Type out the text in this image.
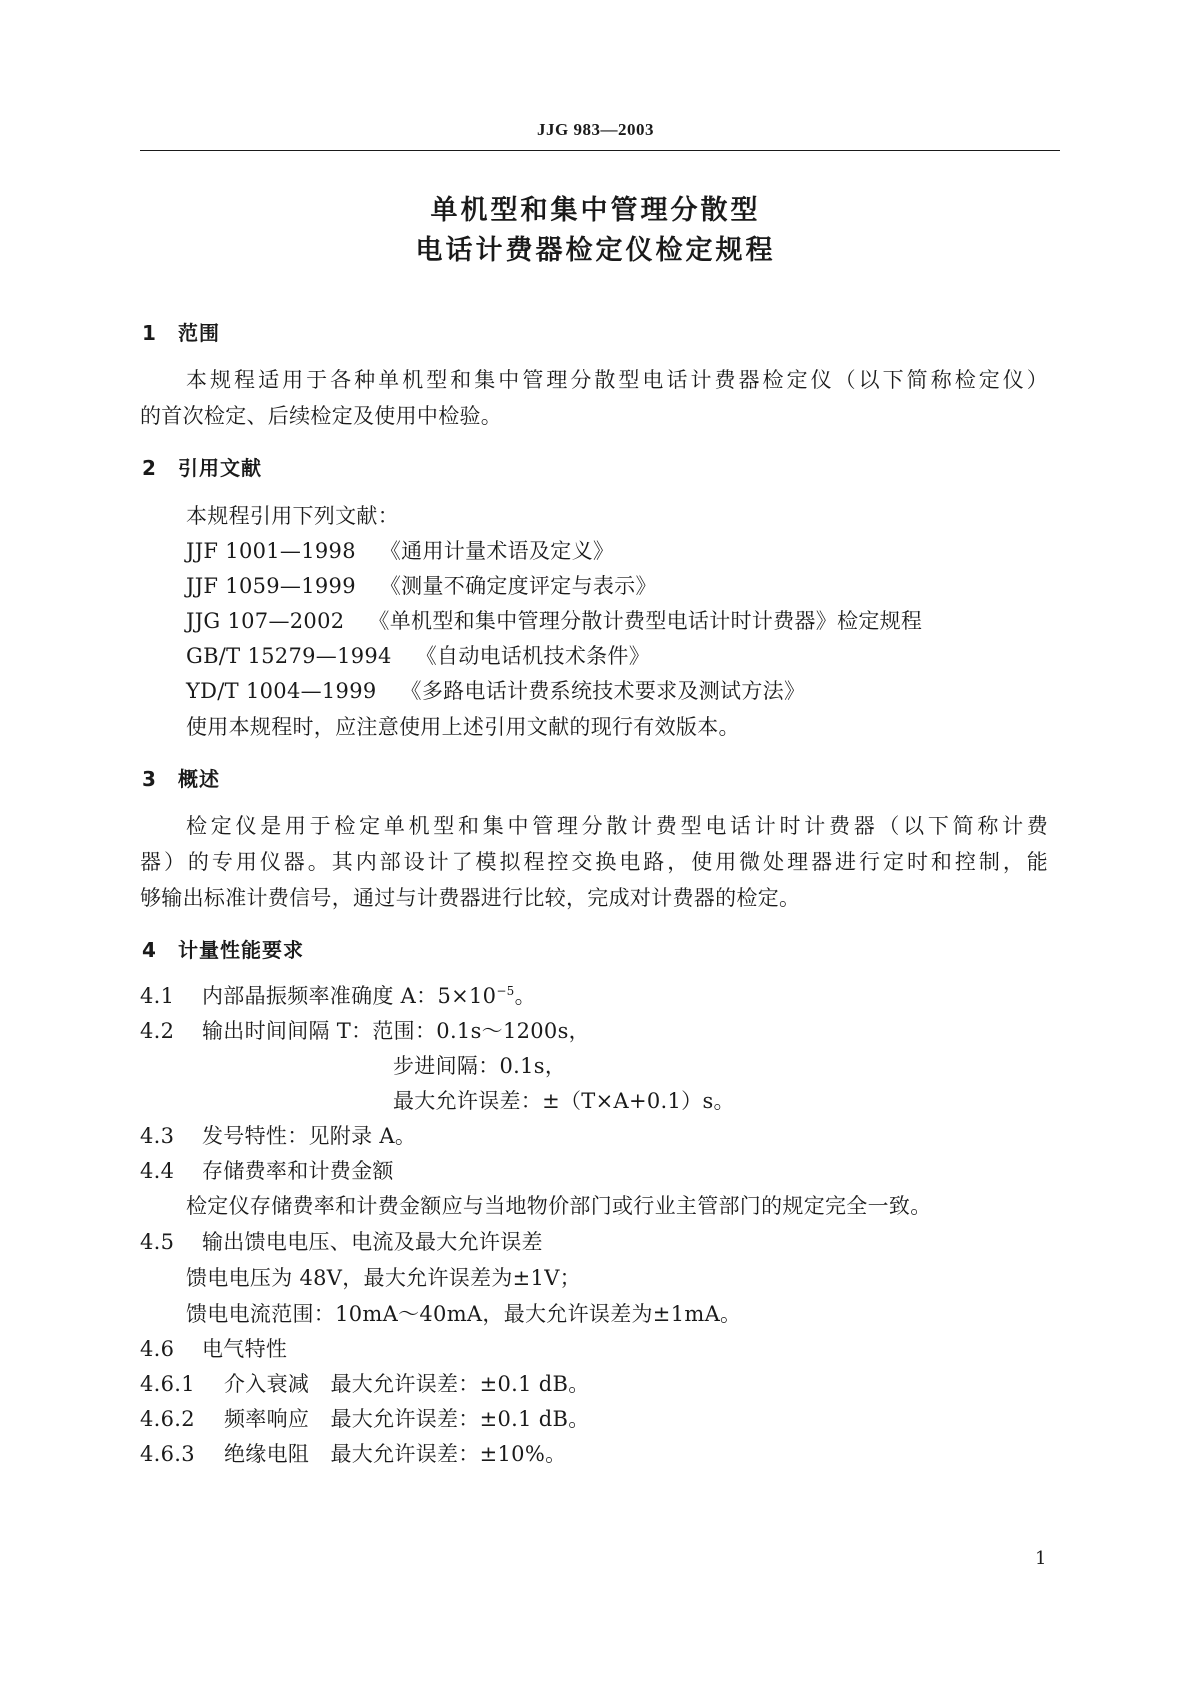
JJG 983—2003
单机型和集中管理分散型
电话计费器检定仪检定规程
1 范围
本规程适用于各种单机型和集中管理分散型电话计费器检定仪（以下简称检定仪）
的首次检定、后续检定及使用中检验。
2 引用文献
本规程引用下列文献：
JJF 1001—1998 《通用计量术语及定义》
JJF 1059—1999 《测量不确定度评定与表示》
JJG 107—2002 《单机型和集中管理分散计费型电话计时计费器》检定规程
GB/T 15279—1994 《自动电话机技术条件》
YD/T 1004—1999 《多路电话计费系统技术要求及测试方法》
使用本规程时，应注意使用上述引用文献的现行有效版本。
3 概述
检定仪是用于检定单机型和集中管理分散计费型电话计时计费器（以下简称计费
器）的专用仪器。其内部设计了模拟程控交换电路，使用微处理器进行定时和控制，能
够输出标准计费信号，通过与计费器进行比较，完成对计费器的检定。
4 计量性能要求
4.1 内部晶振频率准确度 A：$5\times 10^{-5}$。
4.2 输出时间间隔 T：范围：0.1s～1200s，
步进间隔：0.1s，
最大允许误差：±（T×A+0.1）s。
4.3 发号特性：见附录 A。
4.4 存储费率和计费金额
检定仪存储费率和计费金额应与当地物价部门或行业主管部门的规定完全一致。
4.5 输出馈电电压、电流及最大允许误差
馈电电压为 48V，最大允许误差为±1V；
馈电电流范围：10mA～40mA，最大允许误差为±1mA。
4.6 电气特性
4.6.1 介入衰减　最大允许误差：±0.1 dB。
4.6.2 频率响应　最大允许误差：±0.1 dB。
4.6.3 绝缘电阻　最大允许误差：±10%。
1
